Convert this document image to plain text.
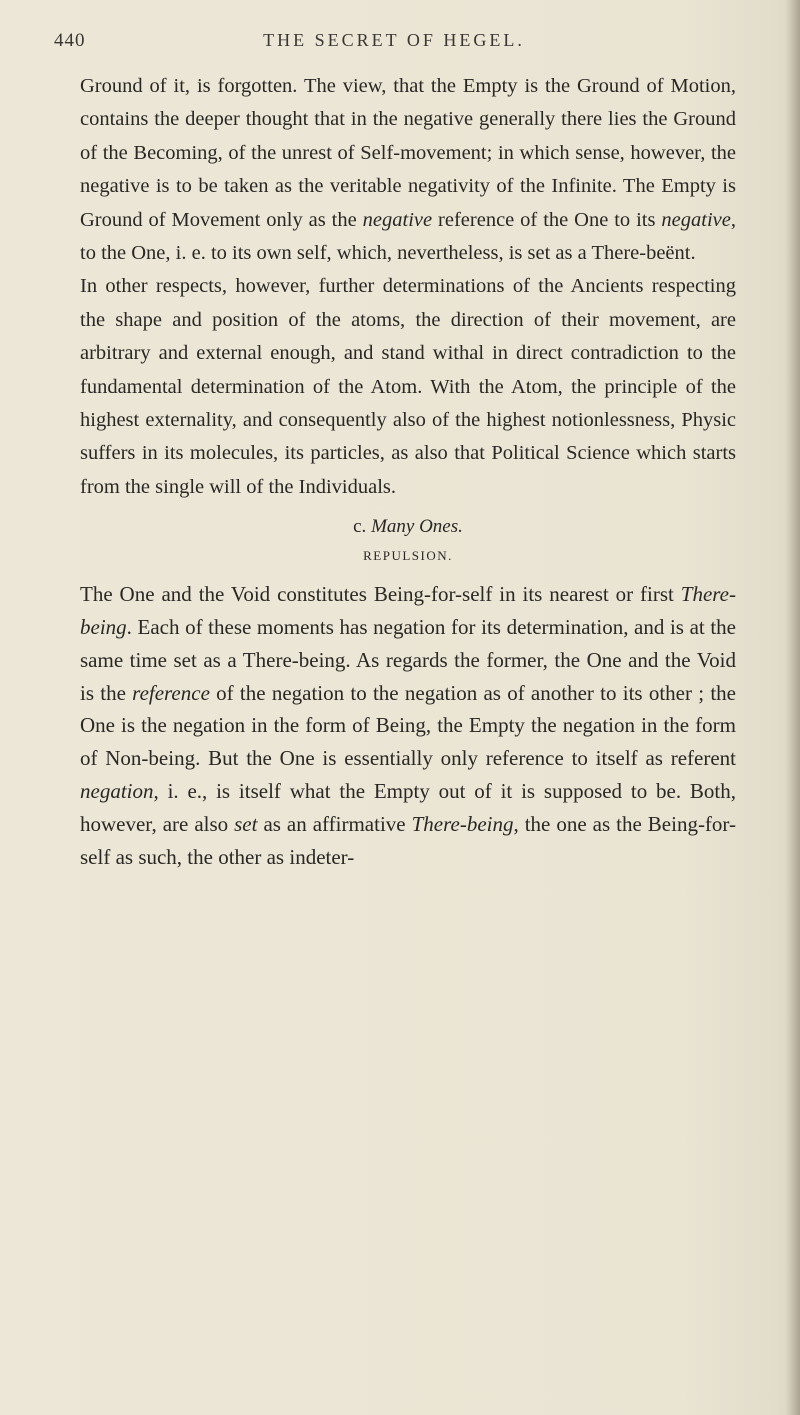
440	THE SECRET OF HEGEL.

Ground of it, is forgotten. The view, that the Empty is the Ground of Motion, contains the deeper thought that in the negative generally there lies the Ground of the Becoming, of the unrest of Self-movement; in which sense, however, the negative is to be taken as the veritable negativity of the Infinite. The Empty is Ground of Movement only as the negative reference of the One to its negative, to the One, i. e. to its own self, which, nevertheless, is set as a There-beënt.

In other respects, however, further determinations of the Ancients respecting the shape and position of the atoms, the direction of their movement, are arbitrary and external enough, and stand withal in direct contradiction to the fundamental determination of the Atom. With the Atom, the principle of the highest externality, and consequently also of the highest notionlessness, Physic suffers in its molecules, its particles, as also that Political Science which starts from the single will of the Individuals.

c. Many Ones.
REPULSION.

The One and the Void constitutes Being-for-self in its nearest or first There-being. Each of these moments has negation for its determination, and is at the same time set as a There-being. As regards the former, the One and the Void is the reference of the negation to the negation as of another to its other ; the One is the negation in the form of Being, the Empty the negation in the form of Non-being. But the One is essentially only reference to itself as referent negation, i. e., is itself what the Empty out of it is supposed to be. Both, however, are also set as an affirmative There-being, the one as the Being-for-self as such, the other as indeter-
